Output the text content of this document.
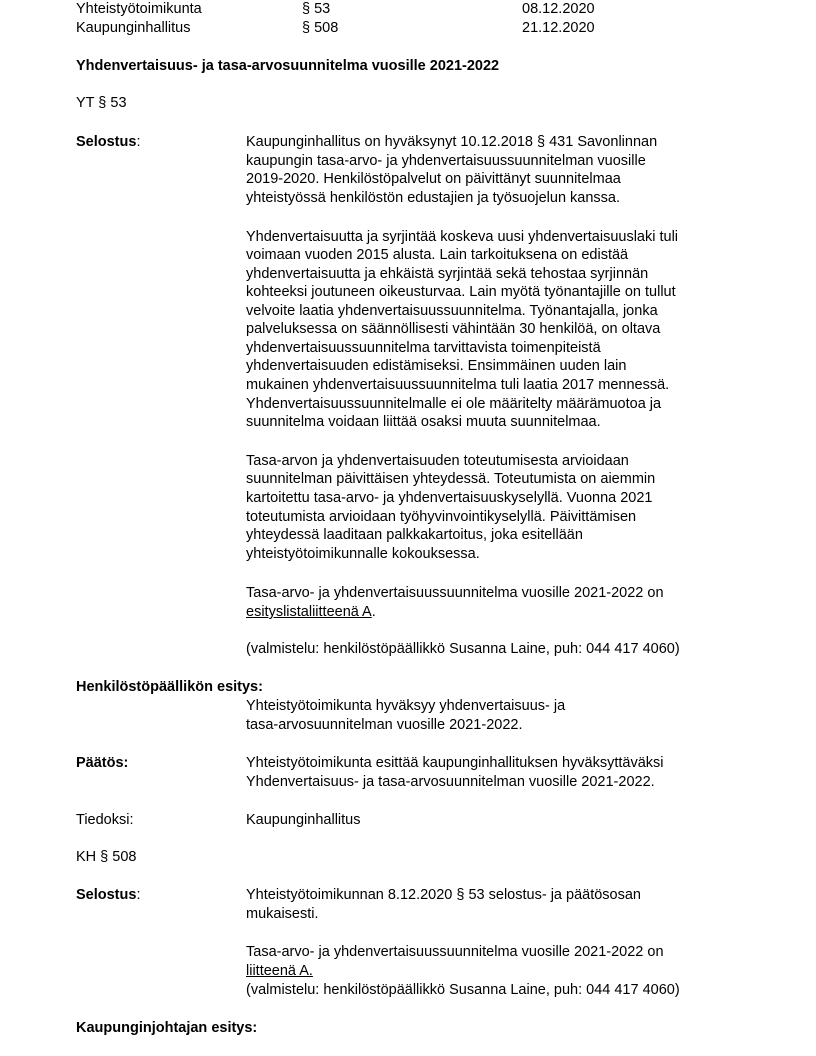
Yhteistyötoimikunta	§ 53	08.12.2020
Kaupunginhallitus	§ 508	21.12.2020
Yhdenvertaisuus- ja tasa-arvosuunnitelma vuosille 2021-2022
YT § 53
Selostus:	Kaupunginhallitus on hyväksynyt 10.12.2018 § 431 Savonlinnan
kaupungin tasa-arvo- ja yhdenvertaisuussuunnitelman vuosille
2019-2020. Henkilöstöpalvelut on päivittänyt suunnitelmaa
yhteistyössä henkilöstön edustajien ja työsuojelun kanssa.
Yhdenvertaisuutta ja syrjintää koskeva uusi yhdenvertaisuuslaki tuli
voimaan vuoden 2015 alusta. Lain tarkoituksena on edistää
yhdenvertaisuutta ja ehkäistä syrjintää sekä tehostaa syrjinnän
kohteeksi joutuneen oikeusturvaa. Lain myötä työnantajille on tullut
velvoite laatia yhdenvertaisuussuunnitelma. Työnantajalla, jonka
palveluksessa on säännöllisesti vähintään 30 henkilöä, on oltava
yhdenvertaisuussuunnitelma tarvittavista toimenpiteistä
yhdenvertaisuuden edistämiseksi. Ensimmäinen uuden lain
mukainen yhdenvertaisuussuunnitelma tuli laatia 2017 mennessä.
Yhdenvertaisuussuunnitelmalle ei ole määritelty määrämuotoa ja
suunnitelma voidaan liittää osaksi muuta suunnitelmaa.
Tasa-arvon ja yhdenvertaisuuden toteutumisesta arvioidaan
suunnitelman päivittäisen yhteydessä. Toteutumista on aiemmin
kartoitettu tasa-arvo- ja yhdenvertaisuuskyselyllä. Vuonna 2021
toteutumista arvioidaan työhyvinvointikyselyllä. Päivittämisen
yhteydessä laaditaan palkkakartoitus, joka esitellään
yhteistyötoimikunnalle kokouksessa.
Tasa-arvo- ja yhdenvertaisuussuunnitelma vuosille 2021-2022 on
esityslistaliitteenä A.
(valmistelu: henkilöstöpäällikkö Susanna Laine, puh: 044 417 4060)
Henkilöstöpäällikön esitys:
Yhteistyötoimikunta hyväksyy yhdenvertaisuus- ja
tasa-arvosuunnitelman vuosille 2021-2022.
Päätös:	Yhteistyötoimikunta esittää kaupunginhallituksen hyväksyttäväksi
Yhdenvertaisuus- ja tasa-arvosuunnitelman vuosille 2021-2022.
Tiedoksi:	Kaupunginhallitus
KH § 508
Selostus:	Yhteistyötoimikunnan 8.12.2020 § 53 selostus- ja päätösosan
mukaisesti.
Tasa-arvo- ja yhdenvertaisuussuunnitelma vuosille 2021-2022 on
liitteenä A.
(valmistelu: henkilöstöpäällikkö Susanna Laine, puh: 044 417 4060)
Kaupunginjohtajan esitys:
